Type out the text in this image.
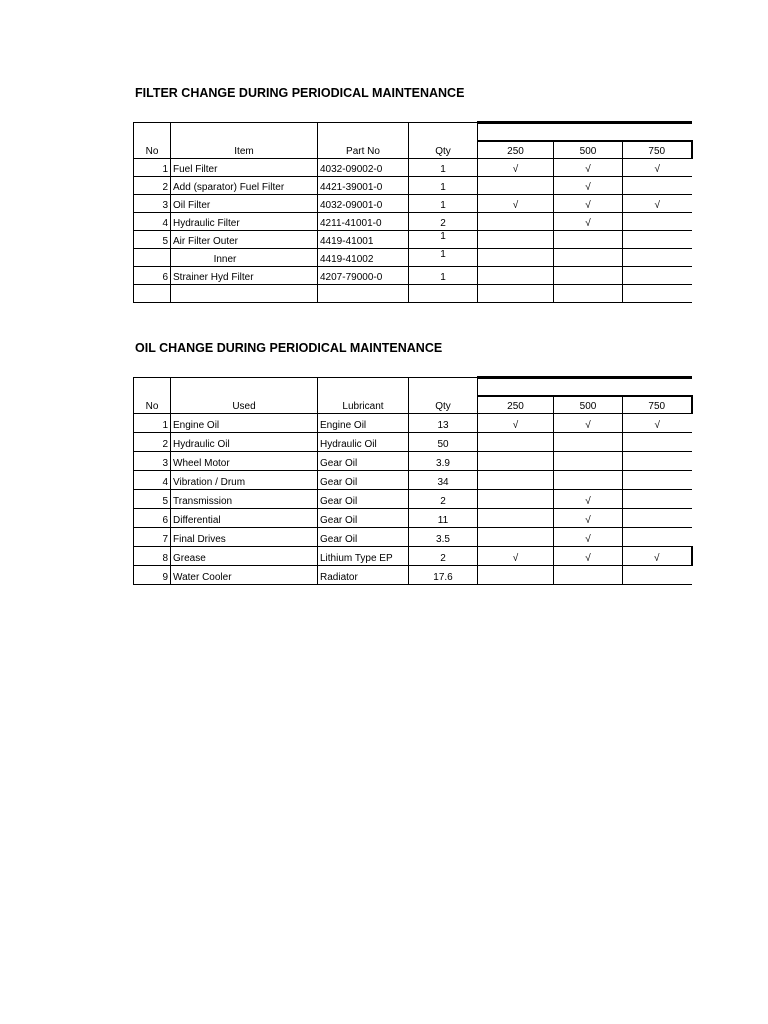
FILTER CHANGE DURING PERIODICAL MAINTENANCE
No	Item	Part No	Qty			
				250	500	750
1	Fuel Filter	4032-09002-0	1	√	√	√
2	Add (sparator) Fuel Filter	4421-39001-0	1		√	
3	Oil Filter	4032-09001-0	1	√	√	√
4	Hydraulic Filter	4211-41001-0	2		√	
5	Air Filter Outer	4419-41001	1			
	Inner	4419-41002	1			
6	Strainer Hyd Filter	4207-79000-0	1			

OIL CHANGE DURING PERIODICAL MAINTENANCE
No	Used	Lubricant	Qty			
				250	500	750
1	Engine Oil	Engine Oil	13	√	√	√
2	Hydraulic Oil	Hydraulic Oil	50			
3	Wheel Motor	Gear Oil	3.9			
4	Vibration / Drum	Gear Oil	34			
5	Transmission	Gear Oil	2		√	
6	Differential	Gear Oil	11		√	
7	Final Drives	Gear Oil	3.5		√	
8	Grease	Lithium Type EP	2	√	√	√
9	Water Cooler	Radiator	17.6			
